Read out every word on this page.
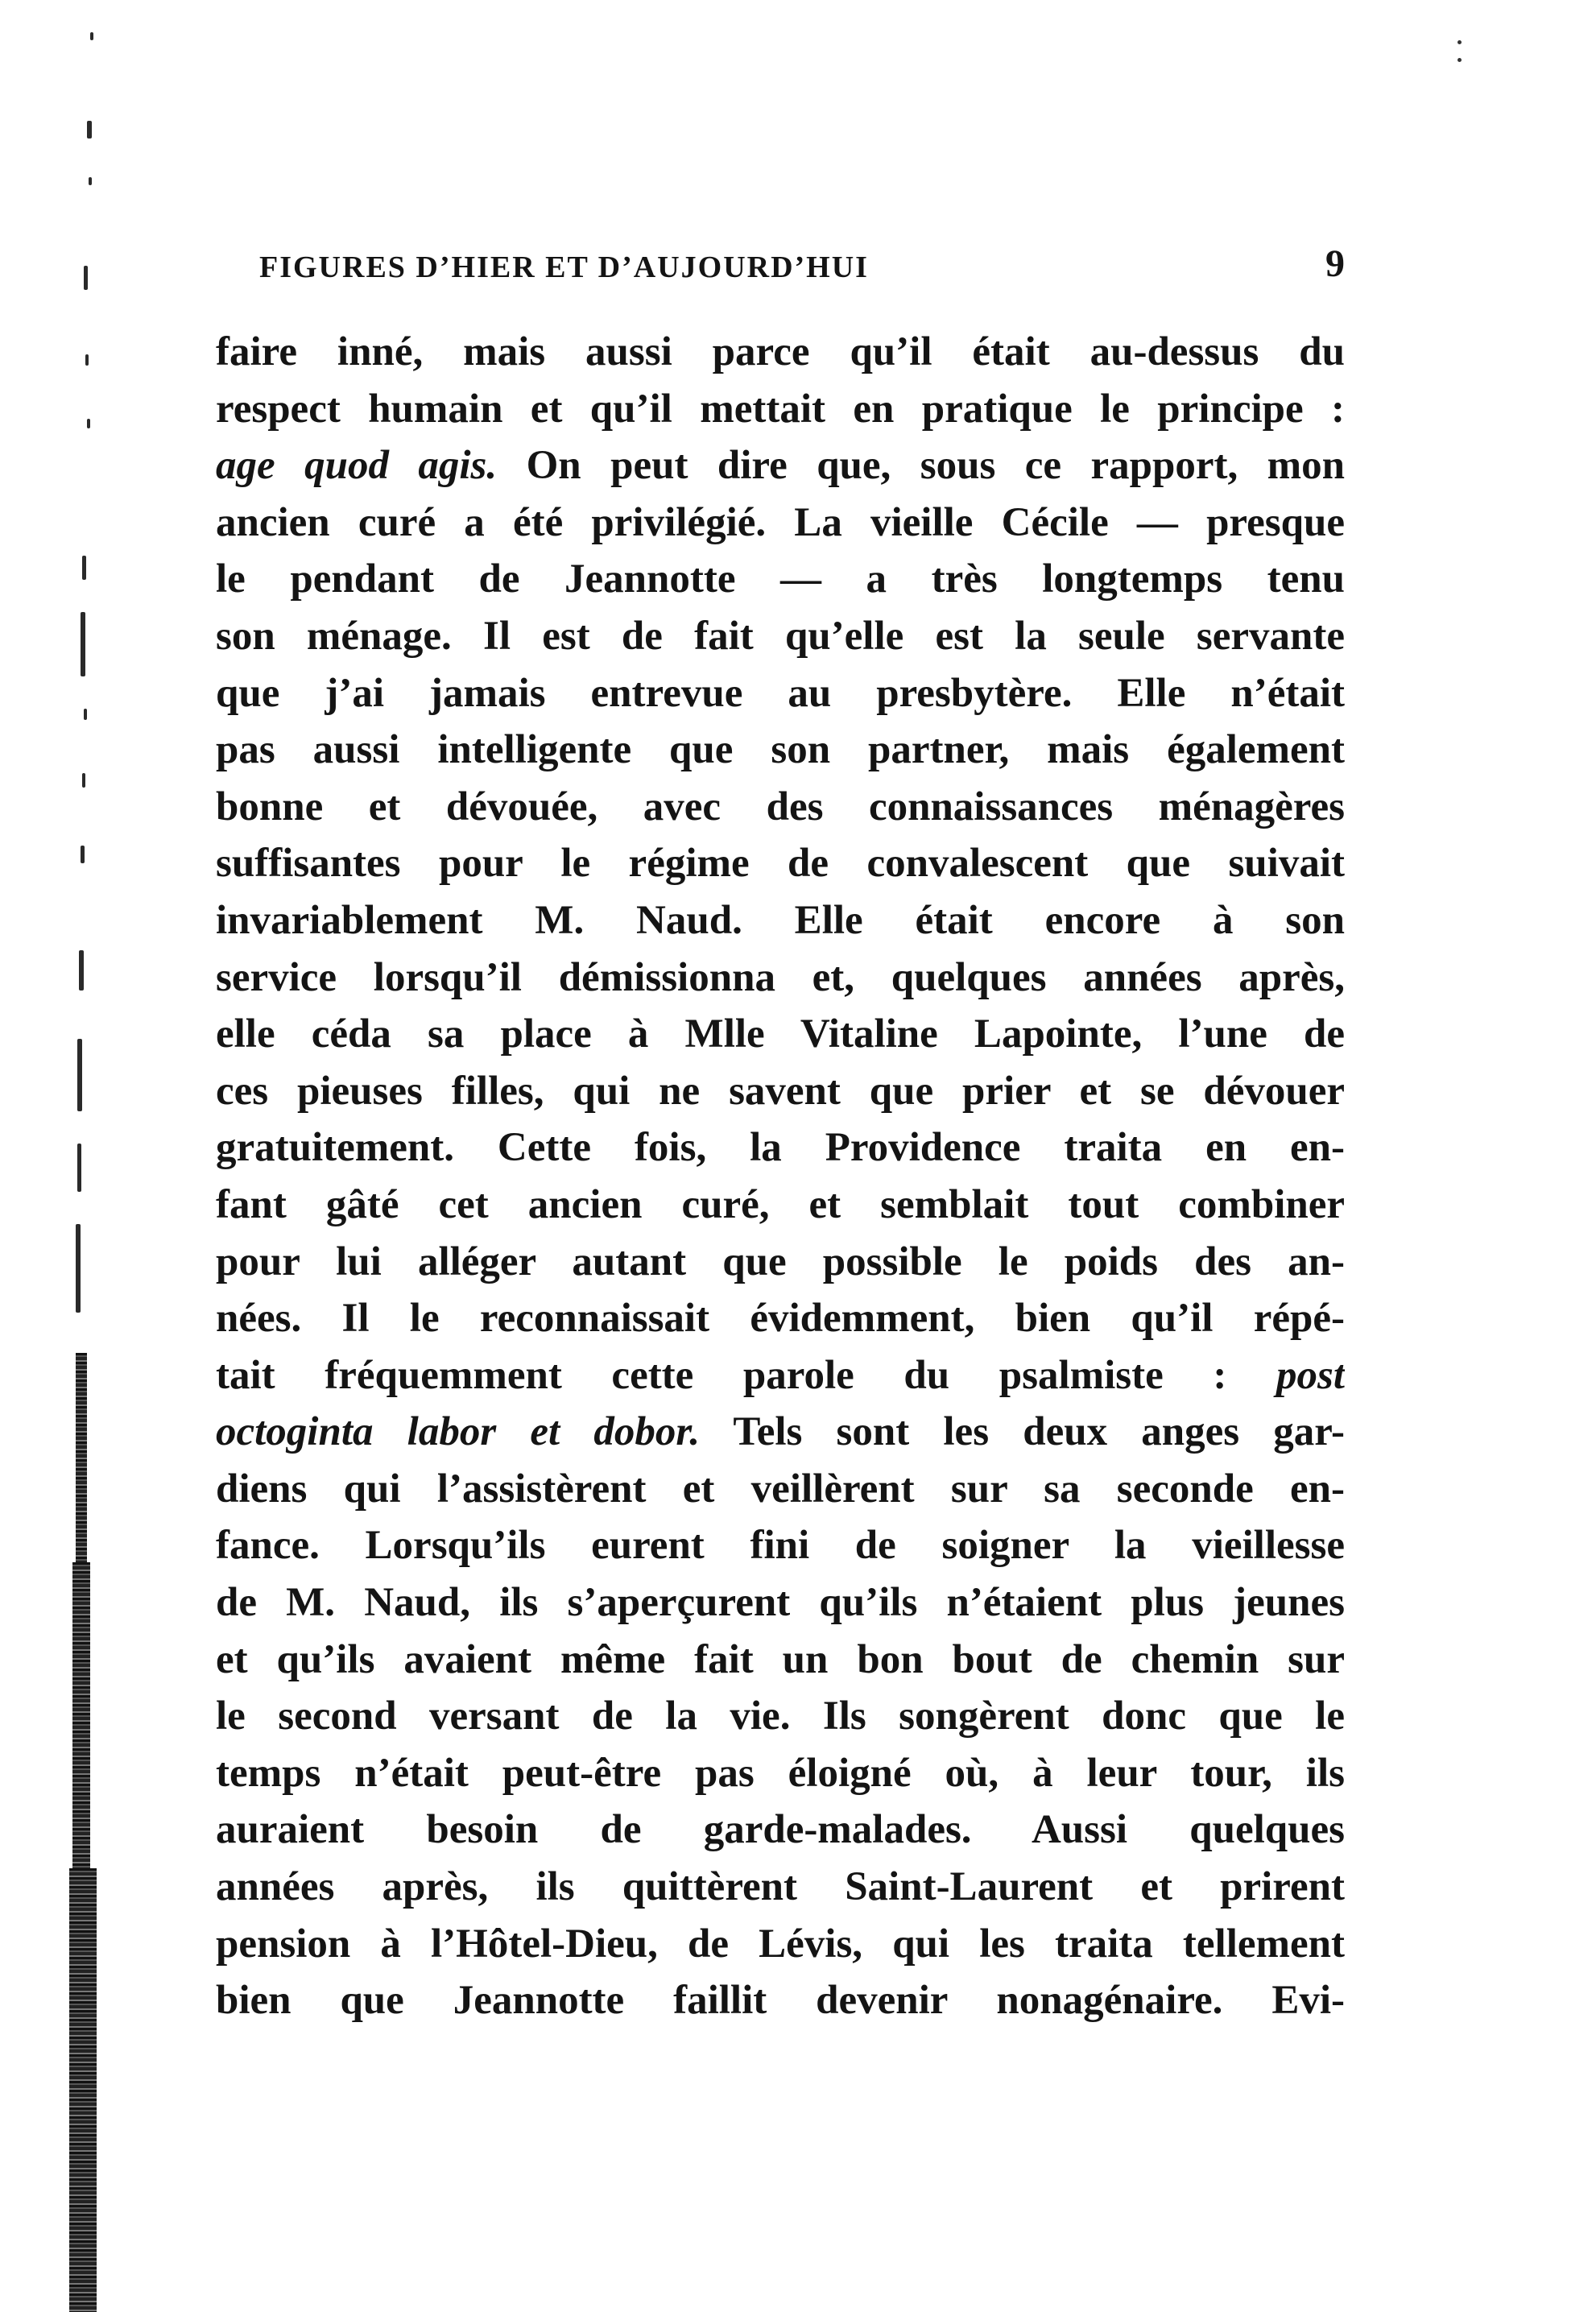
FIGURES D’HIER ET D’AUJOURD’HUI	9
faire inné, mais aussi parce qu’il était au-dessus du
respect humain et qu’il mettait en pratique le principe :
age quod agis. On peut dire que, sous ce rapport, mon
ancien curé a été privilégié. La vieille Cécile — presque
le pendant de Jeannotte — a très longtemps tenu
son ménage. Il est de fait qu’elle est la seule servante
que j’ai jamais entrevue au presbytère. Elle n’était
pas aussi intelligente que son partner, mais également
bonne et dévouée, avec des connaissances ménagères
suffisantes pour le régime de convalescent que suivait
invariablement M. Naud. Elle était encore à son
service lorsqu’il démissionna et, quelques années après,
elle céda sa place à Mlle Vitaline Lapointe, l’une de
ces pieuses filles, qui ne savent que prier et se dévouer
gratuitement. Cette fois, la Providence traita en en-
fant gâté cet ancien curé, et semblait tout combiner
pour lui alléger autant que possible le poids des an-
nées. Il le reconnaissait évidemment, bien qu’il répé-
tait fréquemment cette parole du psalmiste : post
octoginta labor et dobor. Tels sont les deux anges gar-
diens qui l’assistèrent et veillèrent sur sa seconde en-
fance. Lorsqu’ils eurent fini de soigner la vieillesse
de M. Naud, ils s’aperçurent qu’ils n’étaient plus jeunes
et qu’ils avaient même fait un bon bout de chemin sur
le second versant de la vie. Ils songèrent donc que le
temps n’était peut-être pas éloigné où, à leur tour, ils
auraient besoin de garde-malades. Aussi quelques
années après, ils quittèrent Saint-Laurent et prirent
pension à l’Hôtel-Dieu, de Lévis, qui les traita tellement
bien que Jeannotte faillit devenir nonagénaire. Evi-
